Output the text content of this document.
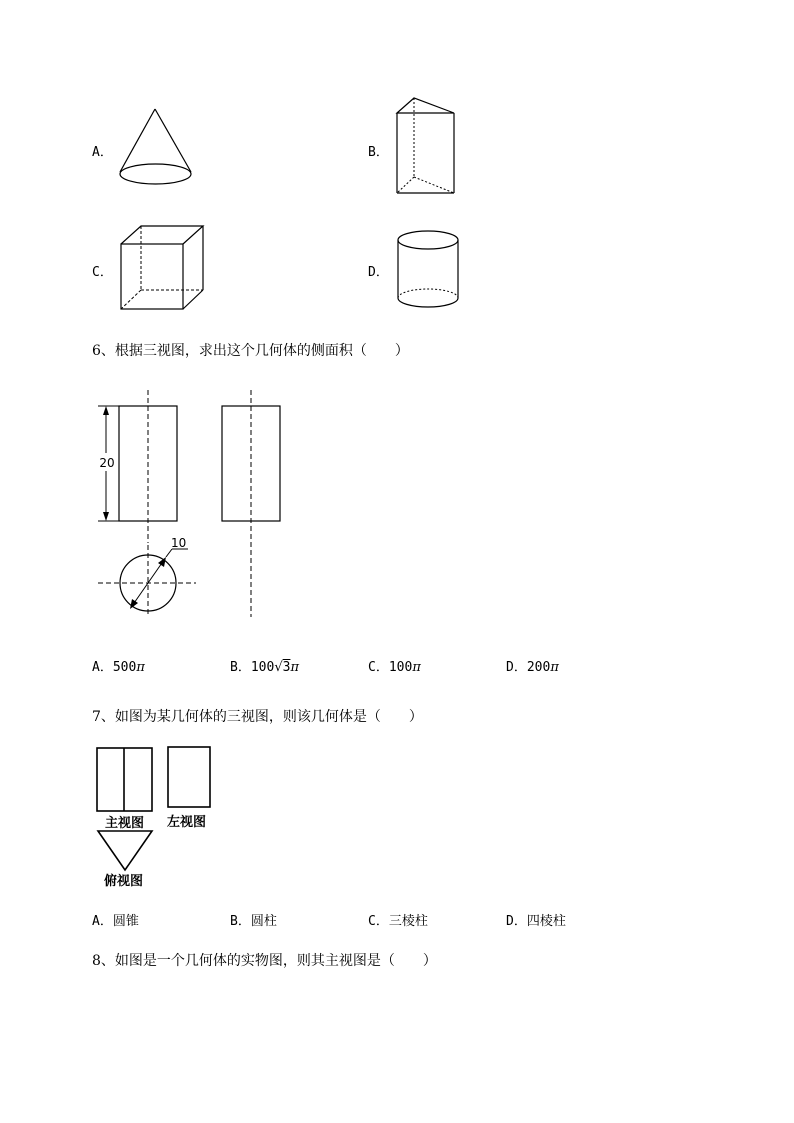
A．	B．
C．	D．
6、根据三视图，求出这个几何体的侧面积（　　）
20
10
A．500π	B．100√3π	C．100π	D．200π
7、如图为某几何体的三视图，则该几何体是（　　）
主视图 左视图
俯视图
A．圆锥	B．圆柱	C．三棱柱	D．四棱柱
8、如图是一个几何体的实物图，则其主视图是（　　）
